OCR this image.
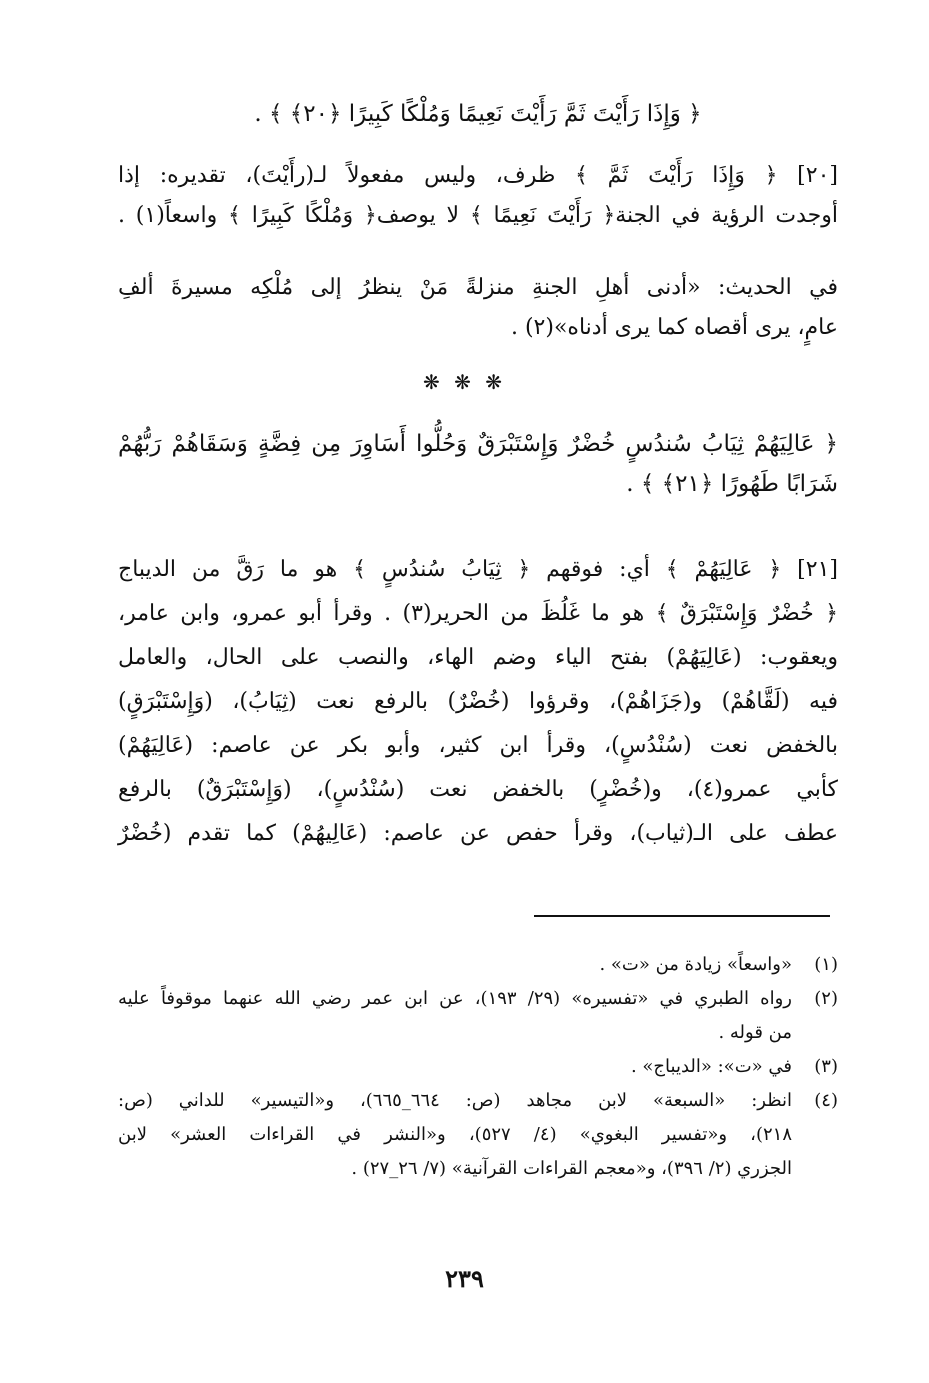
﴿ وَإِذَا رَأَيْتَ ثَمَّ رَأَيْتَ نَعِيمًا وَمُلْكًا كَبِيرًا ﴿٢٠﴾ ﴾ .
[٢٠] ﴿ وَإِذَا رَأَيْتَ ثَمَّ ﴾ ظرف، وليس مفعولاً لـ(رأَيْتَ)، تقديره: إذا
أوجدت الرؤية في الجنة﴿ رَأَيْتَ نَعِيمًا ﴾ لا يوصف﴿ وَمُلْكًا كَبِيرًا ﴾ واسعاً(١) .
في الحديث: «أدنى أهلِ الجنةِ منزلةً مَنْ ينظرُ إلى مُلْكِه مسيرةَ ألفِ
عامٍ، يرى أقصاه كما يرى أدناه»(٢) .
❋ ❋ ❋
﴿ عَالِيَهُمْ ثِيَابُ سُندُسٍ خُضْرٌ وَإِسْتَبْرَقٌ وَحُلُّوا أَسَاوِرَ مِن فِضَّةٍ وَسَقَاهُمْ رَبُّهُمْ
شَرَابًا طَهُورًا ﴿٢١﴾ ﴾ .
[٢١] ﴿ عَالِيَهُمْ ﴾ أي: فوقهم ﴿ ثِيَابُ سُندُسٍ ﴾ هو ما رَقَّ من الديباج
﴿ خُضْرٌ وَإِسْتَبْرَقٌ ﴾ هو ما غَلُظَ من الحرير(٣) . وقرأ أبو عمرو، وابن عامر،
ويعقوب: (عَالِيَهُمْ) بفتح الياء وضم الهاء، والنصب على الحال، والعامل
فيه (لَقَّاهُمْ) و(جَزَاهُمْ)، وقرؤوا (خُضْرٌ) بالرفع نعت (ثِيَابُ)، (وَإِسْتَبْرَقٍ)
بالخفض نعت (سُنْدُسٍ)، وقرأ ابن كثير، وأبو بكر عن عاصم: (عَالِيَهُمْ)
كأبي عمرو(٤)، و(خُضْرٍ) بالخفض نعت (سُنْدُسٍ)، (وَإِسْتَبْرَقٌ) بالرفع
عطف على الـ(ثياب)، وقرأ حفص عن عاصم: (عَالِيهُمْ) كما تقدم (خُضْرٌ
(١)
«واسعاً» زيادة من «ت» .
(٢)
رواه الطبري في «تفسيره» (٢٩/ ١٩٣)، عن ابن عمر رضي الله عنهما موقوفاً عليه
من قوله .
(٣)
في «ت»: «الديباج» .
(٤)
انظر: «السبعة» لابن مجاهد (ص: ٦٦٤_٦٦٥)، و«التيسير» للداني (ص:
٢١٨)، و«تفسير البغوي» (٤/ ٥٢٧)، و«النشر في القراءات العشر» لابن
الجزري (٢/ ٣٩٦)، و«معجم القراءات القرآنية» (٧/ ٢٦_٢٧) .
٢٣٩
